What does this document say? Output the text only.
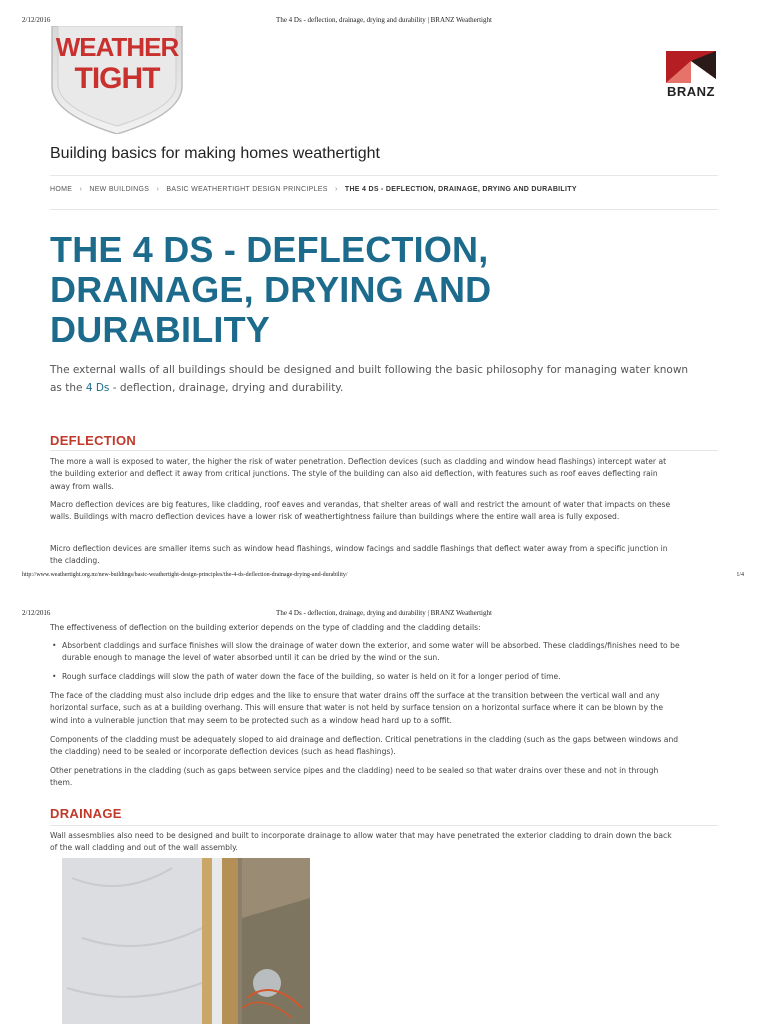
2/12/2016	The 4 Ds - deflection, drainage, drying and durability | BRANZ Weathertight
WEATHER
TIGHT	BRANZ
Building basics for making homes weathertight
HOME › NEW BUILDINGS › BASIC WEATHERTIGHT DESIGN PRINCIPLES › THE 4 DS - DEFLECTION, DRAINAGE, DRYING AND DURABILITY
THE 4 DS - DEFLECTION, DRAINAGE, DRYING AND DURABILITY

The external walls of all buildings should be designed and built following the basic philosophy for managing water known as the 4 Ds - deflection, drainage, drying and durability.

DEFLECTION

The more a wall is exposed to water, the higher the risk of water penetration. Deflection devices (such as cladding and window head flashings) intercept water at the building exterior and deflect it away from critical junctions. The style of the building can also aid deflection, with features such as roof eaves deflecting rain away from walls.

Macro deflection devices are big features, like cladding, roof eaves and verandas, that shelter areas of wall and restrict the amount of water that impacts on these walls. Buildings with macro deflection devices have a lower risk of weathertightness failure than buildings where the entire wall area is fully exposed.

Micro deflection devices are smaller items such as window head flashings, window facings and saddle flashings that deflect water away from a specific junction in the cladding.

http://www.weathertight.org.nz/new-buildings/basic-weathertight-design-principles/the-4-ds-deflection-drainage-drying-and-durability/	1/4
2/12/2016	The 4 Ds - deflection, drainage, drying and durability | BRANZ Weathertight

The effectiveness of deflection on the building exterior depends on the type of cladding and the cladding details:

• Absorbent claddings and surface finishes will slow the drainage of water down the exterior, and some water will be absorbed. These claddings/finishes need to be durable enough to manage the level of water absorbed until it can be dried by the wind or the sun.
• Rough surface claddings will slow the path of water down the face of the building, so water is held on it for a longer period of time.

The face of the cladding must also include drip edges and the like to ensure that water drains off the surface at the transition between the vertical wall and any horizontal surface, such as at a building overhang. This will ensure that water is not held by surface tension on a horizontal surface where it can be blown by the wind into a vulnerable junction that may seem to be protected such as a window head hard up to a soffit.

Components of the cladding must be adequately sloped to aid drainage and deflection. Critical penetrations in the cladding (such as the gaps between windows and the cladding) need to be sealed or incorporate deflection devices (such as head flashings).

Other penetrations in the cladding (such as gaps between service pipes and the cladding) need to be sealed so that water drains over these and not in through them.

DRAINAGE

Wall assesmblies also need to be designed and built to incorporate drainage to allow water that may have penetrated the exterior cladding to drain down the back of the wall cladding and out of the wall assembly.
